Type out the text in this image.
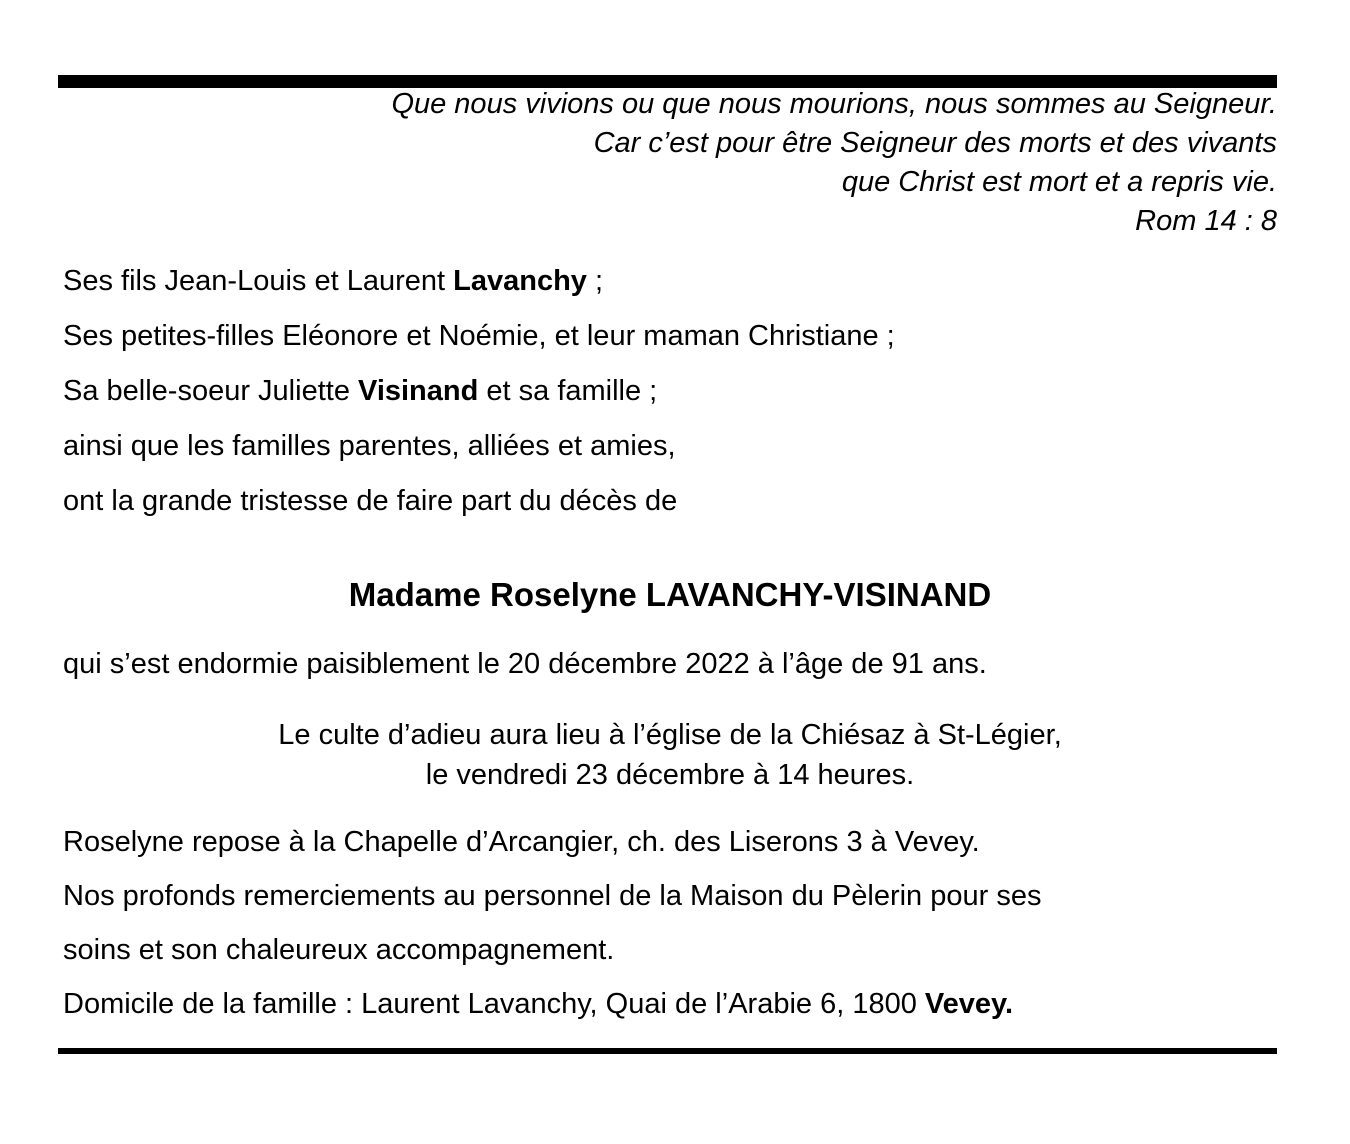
Que nous vivions ou que nous mourions, nous sommes au Seigneur.
Car c’est pour être Seigneur des morts et des vivants
que Christ est mort et a repris vie.
Rom 14 : 8
Ses fils Jean-Louis et Laurent Lavanchy ;
Ses petites-filles Eléonore et Noémie, et leur maman Christiane ;
Sa belle-soeur Juliette Visinand et sa famille ;
ainsi que les familles parentes, alliées et amies,
ont la grande tristesse de faire part du décès de
Madame Roselyne LAVANCHY-VISINAND
qui s’est endormie paisiblement le 20 décembre 2022 à l’âge de 91 ans.
Le culte d’adieu aura lieu à l’église de la Chiésaz à St-Légier,
le vendredi 23 décembre à 14 heures.
Roselyne repose à la Chapelle d’Arcangier, ch. des Liserons 3 à Vevey.
Nos profonds remerciements au personnel de la Maison du Pèlerin pour ses
soins et son chaleureux accompagnement.
Domicile de la famille : Laurent Lavanchy, Quai de l’Arabie 6, 1800 Vevey.
